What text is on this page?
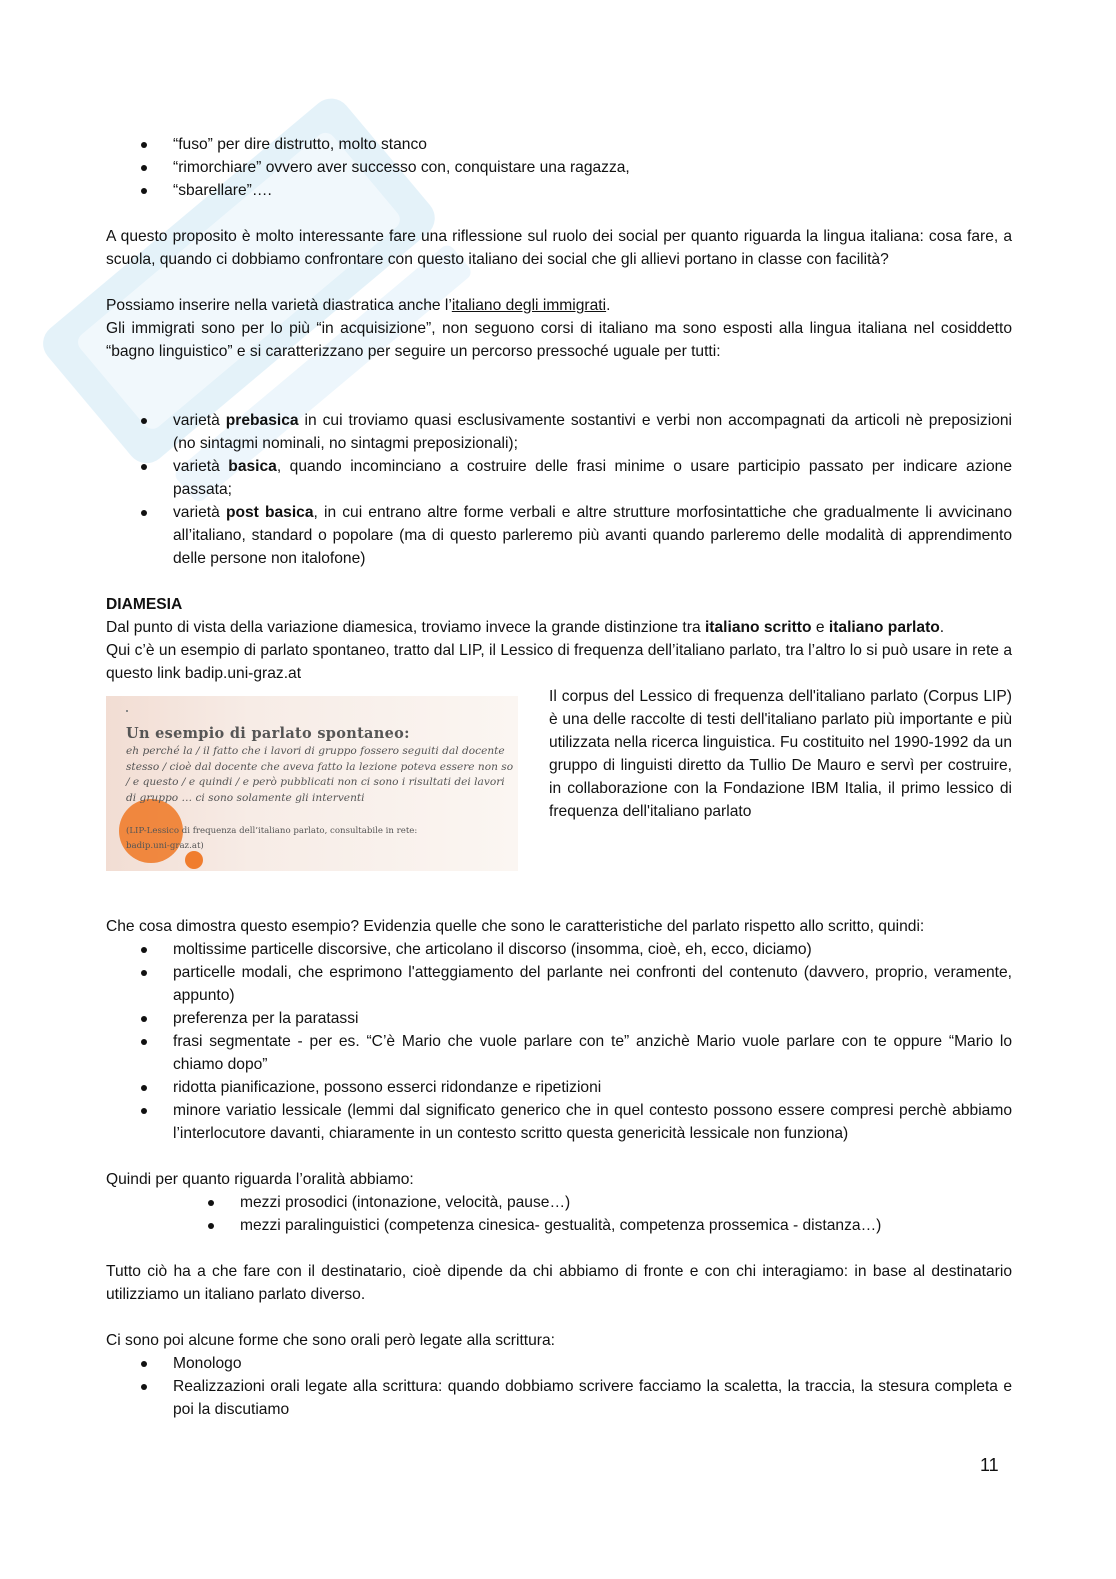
“fuso” per dire distrutto, molto stanco
“rimorchiare” ovvero aver successo con, conquistare una ragazza,
“sbarellare”….

A questo proposito è molto interessante fare una riflessione sul ruolo dei social per quanto riguarda la lingua italiana: cosa fare, a scuola, quando ci dobbiamo confrontare con questo italiano dei social che gli allievi portano in classe con facilità?

Possiamo inserire nella varietà diastratica anche l’italiano degli immigrati.

Gli immigrati sono per lo più “in acquisizione”, non seguono corsi di italiano ma sono esposti alla lingua italiana nel cosiddetto “bagno linguistico” e si caratterizzano per seguire un percorso pressoché uguale per tutti:

varietà prebasica in cui troviamo quasi esclusivamente sostantivi e verbi non accompagnati da articoli nè preposizioni (no sintagmi nominali, no sintagmi preposizionali);
varietà basica, quando incominciano a costruire delle frasi minime o usare participio passato per indicare azione passata;
varietà post basica, in cui entrano altre forme verbali e altre strutture morfosintattiche che gradualmente li avvicinano all’italiano, standard o popolare (ma di questo parleremo più avanti quando parleremo delle modalità di apprendimento delle persone non italofone)

DIAMESIA

Dal punto di vista della variazione diamesica, troviamo invece la grande distinzione tra italiano scritto e italiano parlato.

Qui c’è un esempio di parlato spontaneo, tratto dal LIP, il Lessico di frequenza dell’italiano parlato, tra l’altro lo si può usare in rete a questo link badip.uni-graz.at

Un esempio di parlato spontaneo:
eh perché la / il fatto che i lavori di gruppo fossero seguiti dal docente stesso / cioè dal docente che aveva fatto la lezione poteva essere non so / e questo / e quindi / e però pubblicati non ci sono i risultati dei lavori di gruppo … ci sono solamente gli interventi
(LIP-Lessico di frequenza dell’italiano parlato, consultabile in rete: badip.uni-graz.at)

Il corpus del Lessico di frequenza dell'italiano parlato (Corpus LIP) è una delle raccolte di testi dell'italiano parlato più importante e più utilizzata nella ricerca linguistica. Fu costituito nel 1990-1992 da un gruppo di linguisti diretto da Tullio De Mauro e servì per costruire, in collaborazione con la Fondazione IBM Italia, il primo lessico di frequenza dell'italiano parlato

Che cosa dimostra questo esempio? Evidenzia quelle che sono le caratteristiche del parlato rispetto allo scritto, quindi:

moltissime particelle discorsive, che articolano il discorso (insomma, cioè, eh, ecco, diciamo)
particelle modali, che esprimono l'atteggiamento del parlante nei confronti del contenuto (davvero, proprio, veramente, appunto)
preferenza per la paratassi
frasi segmentate - per es. “C’è Mario che vuole parlare con te” anzichè Mario vuole parlare con te oppure “Mario lo chiamo dopo”
ridotta pianificazione, possono esserci ridondanze e ripetizioni
minore variatio lessicale (lemmi dal significato generico che in quel contesto possono essere compresi perchè abbiamo l’interlocutore davanti, chiaramente in un contesto scritto questa genericità lessicale non funziona)

Quindi per quanto riguarda l’oralità abbiamo:

mezzi prosodici (intonazione, velocità, pause…)
mezzi paralinguistici (competenza cinesica- gestualità, competenza prossemica - distanza…)

Tutto ciò ha a che fare con il destinatario, cioè dipende da chi abbiamo di fronte e con chi interagiamo: in base al destinatario utilizziamo un italiano parlato diverso.

Ci sono poi alcune forme che sono orali però legate alla scrittura:

Monologo
Realizzazioni orali legate alla scrittura: quando dobbiamo scrivere facciamo la scaletta, la traccia, la stesura completa e poi la discutiamo
11
